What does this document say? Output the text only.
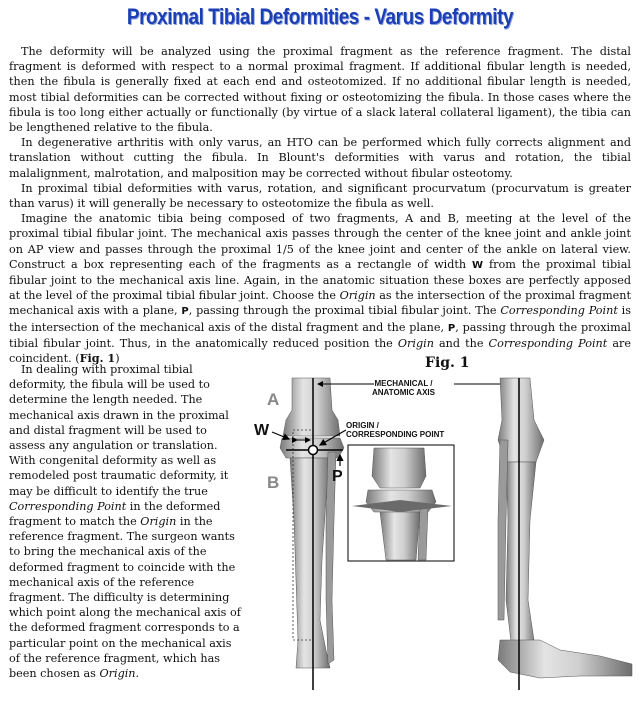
Proximal Tibial Deformities - Varus Deformity

The deformity will be analyzed using the proximal fragment as the reference fragment. The distal fragment is deformed with respect to a normal proximal fragment. If additional fibular length is needed, then the fibula is generally fixed at each end and osteotomized. If no additional fibular length is needed, most tibial deformities can be corrected without fixing or osteotomizing the fibula. In those cases where the fibula is too long either actually or functionally (by virtue of a slack lateral collateral ligament), the tibia can be lengthened relative to the fibula.

In degenerative arthritis with only varus, an HTO can be performed which fully corrects alignment and translation without cutting the fibula. In Blount's deformities with varus and rotation, the tibial malalignment, malrotation, and malposition may be corrected without fibular osteotomy.

In proximal tibial deformities with varus, rotation, and significant procurvatum (procurvatum is greater than varus) it will generally be necessary to osteotomize the fibula as well.

Imagine the anatomic tibia being composed of two fragments, A and B, meeting at the level of the proximal tibial fibular joint. The mechanical axis passes through the center of the knee joint and ankle joint on AP view and passes through the proximal 1/5 of the knee joint and center of the ankle on lateral view. Construct a box representing each of the fragments as a rectangle of width W from the proximal tibial fibular joint to the mechanical axis line. Again, in the anatomic situation these boxes are perfectly apposed at the level of the proximal tibial fibular joint. Choose the Origin as the intersection of the proximal fragment mechanical axis with a plane, P, passing through the proximal tibial fibular joint. The Corresponding Point is the intersection of the mechanical axis of the distal fragment and the plane, P, passing through the proximal tibial fibular joint. Thus, in the anatomically reduced position the Origin and the Corresponding Point are coincident. (Fig. 1)

In dealing with proximal tibial deformity, the fibula will be used to determine the length needed. The mechanical axis drawn in the proximal and distal fragment will be used to assess any angulation or translation. With congenital deformity as well as remodeled post traumatic deformity, it may be difficult to identify the true Corresponding Point in the deformed fragment to match the Origin in the reference fragment. The surgeon wants to bring the mechanical axis of the deformed fragment to coincide with the mechanical axis of the reference fragment. The difficulty is determining which point along the mechanical axis of the deformed fragment corresponds to a particular point on the mechanical axis of the reference fragment, which has been chosen as Origin.

Fig. 1
MECHANICAL /
ANATOMIC AXIS
ORIGIN /
CORRESPONDING POINT
A
B
W
P
